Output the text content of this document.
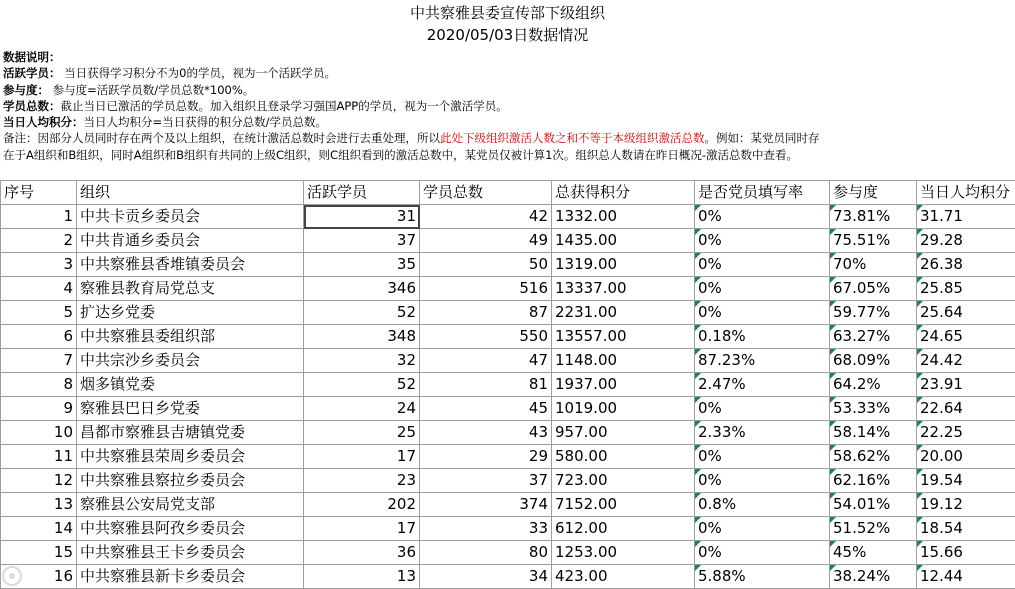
中共察雅县委宣传部下级组织
2020/05/03日数据情况
数据说明：
活跃学员： 当日获得学习积分不为0的学员，视为一个活跃学员。
参与度： 参与度=活跃学员数/学员总数*100%。
学员总数：截止当日已激活的学员总数。加入组织且登录学习强国APP的学员，视为一个激活学员。
当日人均积分：当日人均积分=当日获得的积分总数/学员总数。
备注：因部分人员同时存在两个及以上组织，在统计激活总数时会进行去重处理，所以此处下级组织激活人数之和不等于本级组织激活总数。例如：某党员同时存
在于A组织和B组织，同时A组织和B组织有共同的上级C组织，则C组织看到的激活总数中，某党员仅被计算1次。组织总人数请在昨日概况-激活总数中查看。
序号	组织	活跃学员	学员总数	总获得积分	是否党员填写率	参与度	当日人均积分
1	中共卡贡乡委员会	31	42	1332.00	0%	73.81%	31.71
2	中共肯通乡委员会	37	49	1435.00	0%	75.51%	29.28
3	中共察雅县香堆镇委员会	35	50	1319.00	0%	70%	26.38
4	察雅县教育局党总支	346	516	13337.00	0%	67.05%	25.85
5	扩达乡党委	52	87	2231.00	0%	59.77%	25.64
6	中共察雅县委组织部	348	550	13557.00	0.18%	63.27%	24.65
7	中共宗沙乡委员会	32	47	1148.00	87.23%	68.09%	24.42
8	烟多镇党委	52	81	1937.00	2.47%	64.2%	23.91
9	察雅县巴日乡党委	24	45	1019.00	0%	53.33%	22.64
10	昌都市察雅县吉塘镇党委	25	43	957.00	2.33%	58.14%	22.25
11	中共察雅县荣周乡委员会	17	29	580.00	0%	58.62%	20.00
12	中共察雅县察拉乡委员会	23	37	723.00	0%	62.16%	19.54
13	察雅县公安局党支部	202	374	7152.00	0.8%	54.01%	19.12
14	中共察雅县阿孜乡委员会	17	33	612.00	0%	51.52%	18.54
15	中共察雅县王卡乡委员会	36	80	1253.00	0%	45%	15.66
16	中共察雅县新卡乡委员会	13	34	423.00	5.88%	38.24%	12.44
